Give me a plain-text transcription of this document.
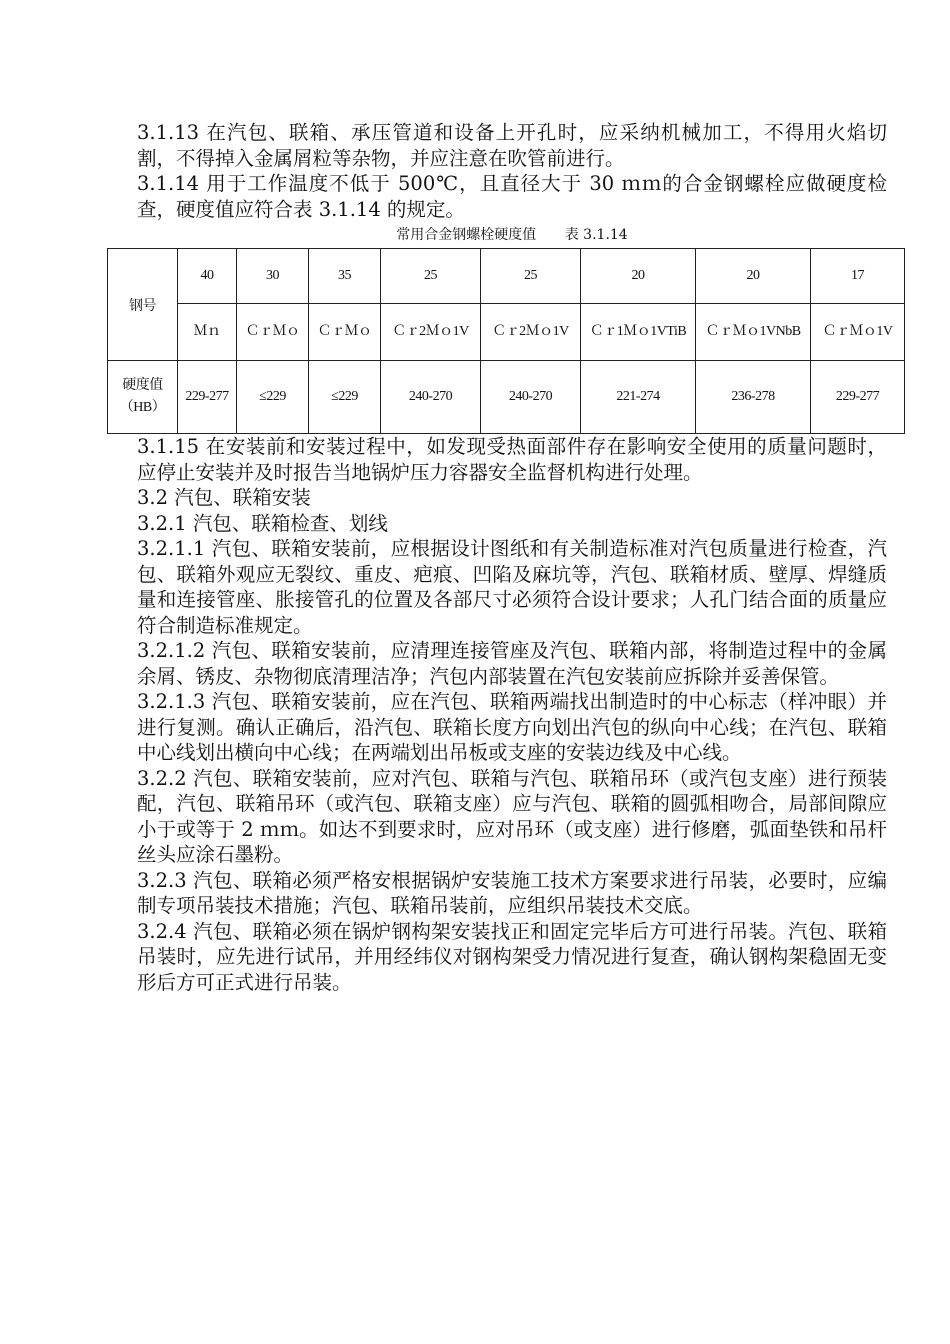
3.1.13 在汽包、联箱、承压管道和设备上开孔时，应采纳机械加工，不得用火焰切割，不得掉入金属屑粒等杂物，并应注意在吹管前进行。

3.1.14 用于工作温度不低于 500℃，且直径大于 30 ｍｍ的合金钢螺栓应做硬度检查，硬度值应符合表 3.1.14 的规定。

常用合金钢螺栓硬度值 表 3.1.14
钢号	40	30	35	25	25	20	20	17
	Ｍｎ	ＣｒＭｏ	ＣｒＭｏ	Ｃｒ2Ｍｏ1V	Ｃｒ2Ｍｏ1V	Ｃｒ1Ｍｏ1VTiB	ＣｒＭｏ1VNbB	ＣｒＭｏ1V
硬度值（HB）	229-277	≤229	≤229	240-270	240-270	221-274	236-278	229-277

3.1.15 在安装前和安装过程中，如发现受热面部件存在影响安全使用的质量问题时，应停止安装并及时报告当地锅炉压力容器安全监督机构进行处理。

3.2 汽包、联箱安装

3.2.1 汽包、联箱检查、划线

3.2.1.1 汽包、联箱安装前，应根据设计图纸和有关制造标准对汽包质量进行检查，汽包、联箱外观应无裂纹、重皮、疤痕、凹陷及麻坑等，汽包、联箱材质、壁厚、焊缝质量和连接管座、胀接管孔的位置及各部尺寸必须符合设计要求；人孔门结合面的质量应符合制造标准规定。

3.2.1.2 汽包、联箱安装前，应清理连接管座及汽包、联箱内部，将制造过程中的金属余屑、锈皮、杂物彻底清理洁净；汽包内部装置在汽包安装前应拆除并妥善保管。

3.2.1.3 汽包、联箱安装前，应在汽包、联箱两端找出制造时的中心标志（样冲眼）并进行复测。确认正确后，沿汽包、联箱长度方向划出汽包的纵向中心线；在汽包、联箱中心线划出横向中心线；在两端划出吊板或支座的安装边线及中心线。

3.2.2 汽包、联箱安装前，应对汽包、联箱与汽包、联箱吊环（或汽包支座）进行预装配，汽包、联箱吊环（或汽包、联箱支座）应与汽包、联箱的圆弧相吻合，局部间隙应小于或等于 2 ｍｍ。如达不到要求时，应对吊环（或支座）进行修磨，弧面垫铁和吊杆丝头应涂石墨粉。

3.2.3 汽包、联箱必须严格安根据锅炉安装施工技术方案要求进行吊装，必要时，应编制专项吊装技术措施；汽包、联箱吊装前，应组织吊装技术交底。

3.2.4 汽包、联箱必须在锅炉钢构架安装找正和固定完毕后方可进行吊装。汽包、联箱吊装时，应先进行试吊，并用经纬仪对钢构架受力情况进行复查，确认钢构架稳固无变形后方可正式进行吊装。
